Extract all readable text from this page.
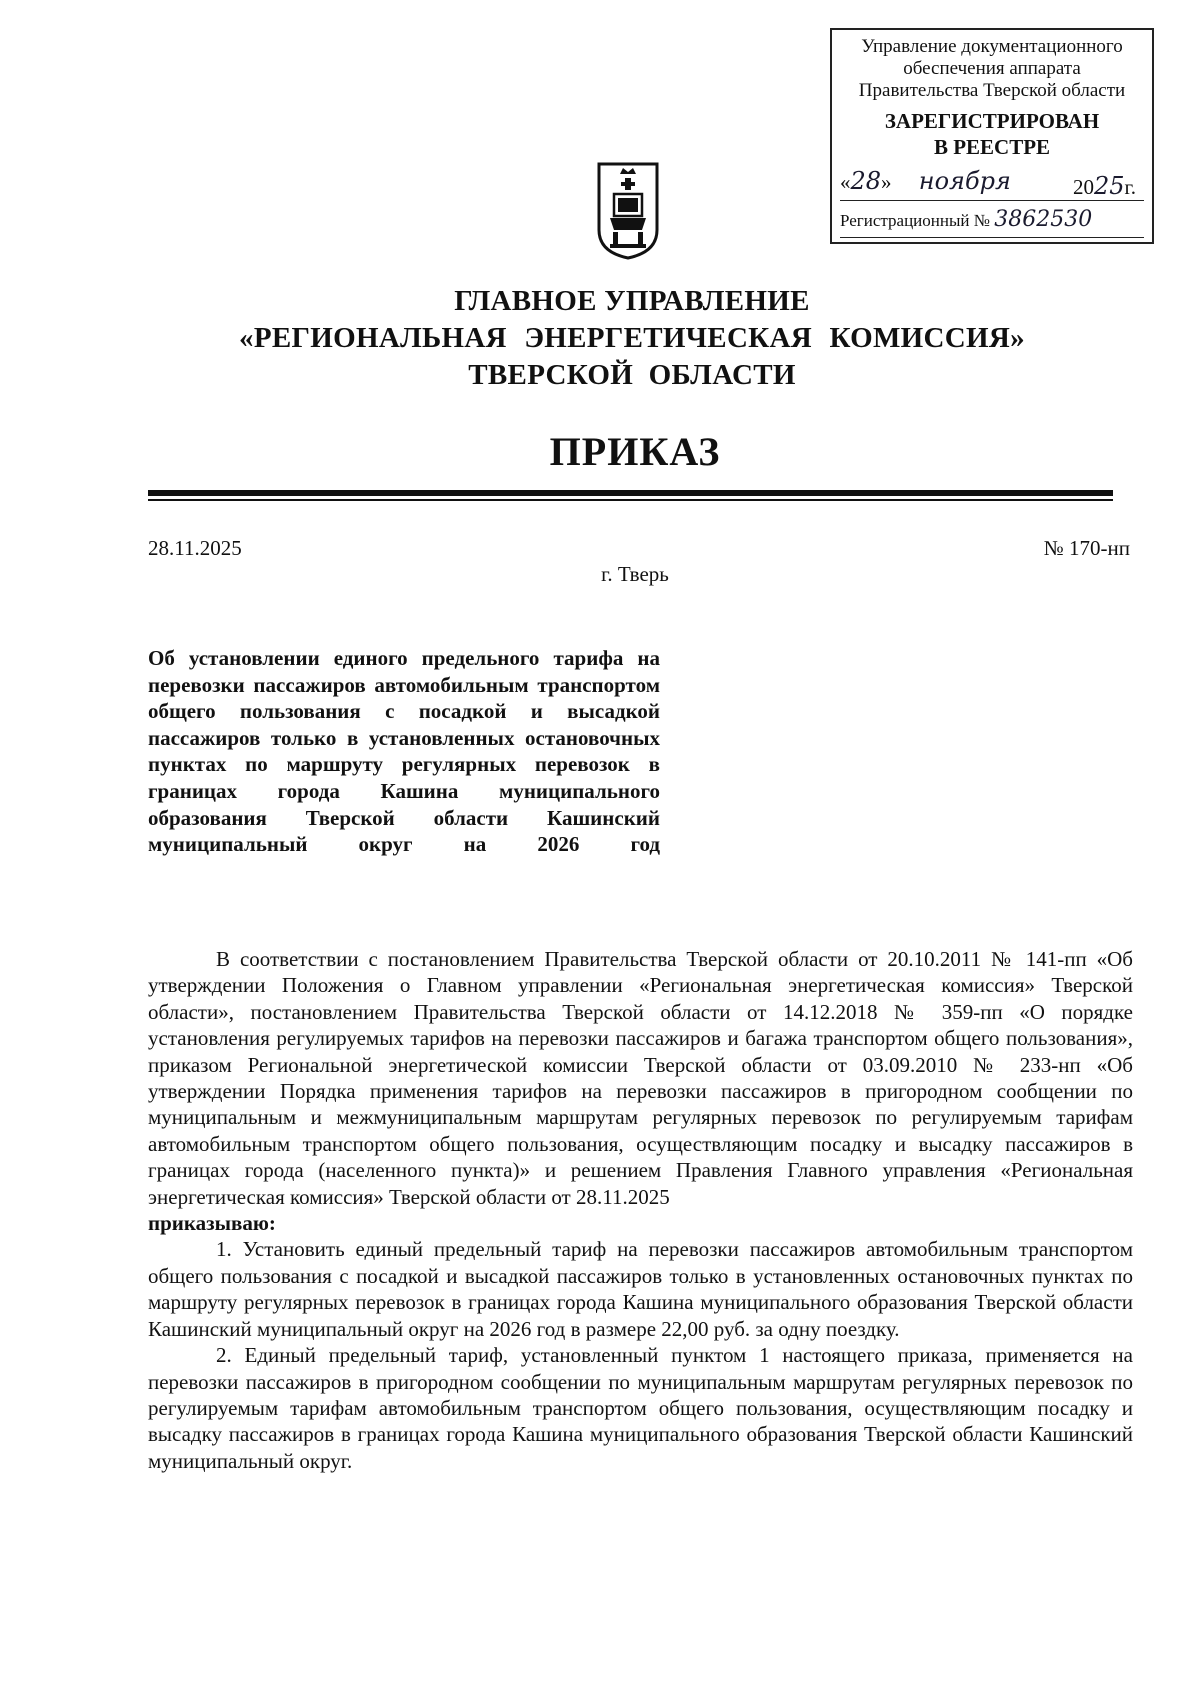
Управление документационного
обеспечения аппарата
Правительства Тверской области
ЗАРЕГИСТРИРОВАН
В РЕЕСТРЕ
«28» ноября	2025г.
Регистрационный № 3862530
ГЛАВНОЕ УПРАВЛЕНИЕ
«РЕГИОНАЛЬНАЯ ЭНЕРГЕТИЧЕСКАЯ КОМИССИЯ»
ТВЕРСКОЙ ОБЛАСТИ
ПРИКАЗ
28.11.2025	№ 170-нп
г. Тверь
Об установлении единого предельного тарифа на перевозки пассажиров автомобильным транспортом общего пользования с посадкой и высадкой пассажиров только в установленных остановочных пунктах по маршруту регулярных перевозок в границах города Кашина муниципального образования Тверской области Кашинский муниципальный округ на 2026 год

В соответствии с постановлением Правительства Тверской области от 20.10.2011 № 141-пп «Об утверждении Положения о Главном управлении «Региональная энергетическая комиссия» Тверской области», постановлением Правительства Тверской области от 14.12.2018 № 359-пп «О порядке установления регулируемых тарифов на перевозки пассажиров и багажа транспортом общего пользования», приказом Региональной энергетической комиссии Тверской области от 03.09.2010 № 233-нп «Об утверждении Порядка применения тарифов на перевозки пассажиров в пригородном сообщении по муниципальным и межмуниципальным маршрутам регулярных перевозок по регулируемым тарифам автомобильным транспортом общего пользования, осуществляющим посадку и высадку пассажиров в границах города (населенного пункта)» и решением Правления Главного управления «Региональная энергетическая комиссия» Тверской области от 28.11.2025

приказываю:

1. Установить единый предельный тариф на перевозки пассажиров автомобильным транспортом общего пользования с посадкой и высадкой пассажиров только в установленных остановочных пунктах по маршруту регулярных перевозок в границах города Кашина муниципального образования Тверской области Кашинский муниципальный округ на 2026 год в размере 22,00 руб. за одну поездку.

2. Единый предельный тариф, установленный пунктом 1 настоящего приказа, применяется на перевозки пассажиров в пригородном сообщении по муниципальным маршрутам регулярных перевозок по регулируемым тарифам автомобильным транспортом общего пользования, осуществляющим посадку и высадку пассажиров в границах города Кашина муниципального образования Тверской области Кашинский муниципальный округ.
